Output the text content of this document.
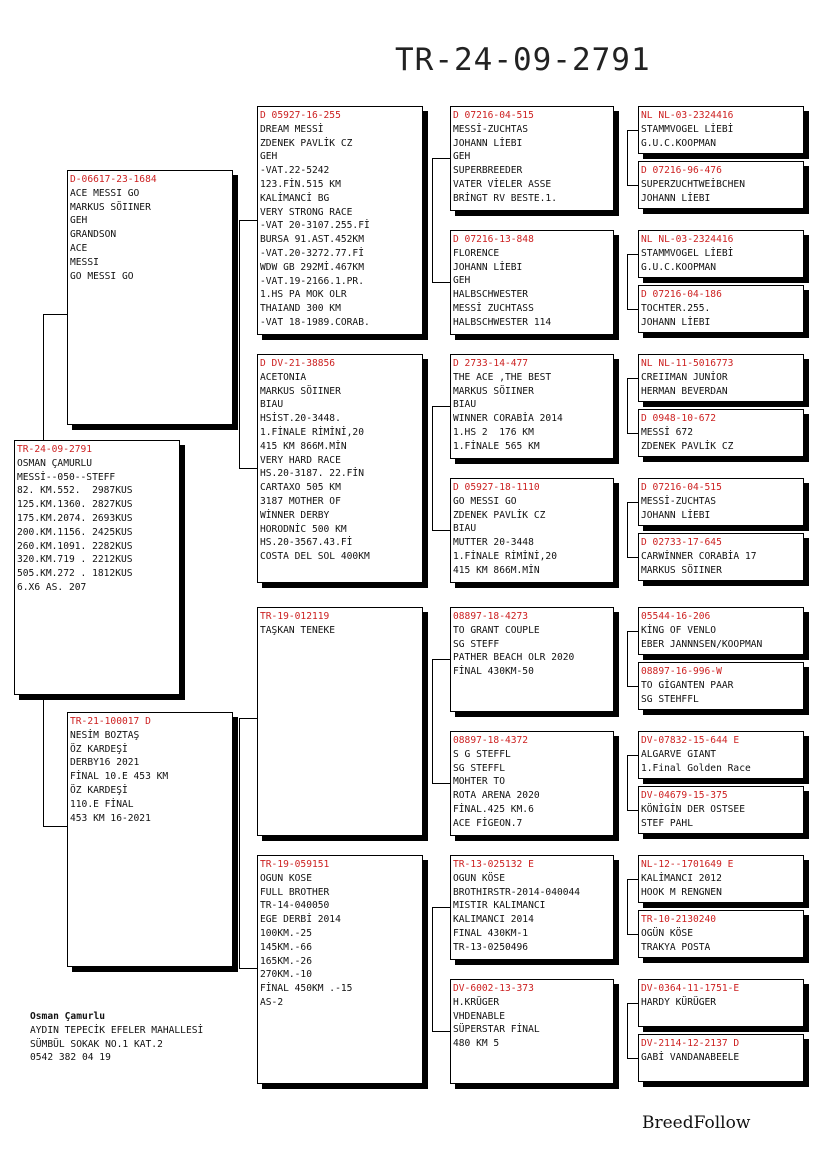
TR-24-09-2791
TR-24-09-2791
OSMAN ÇAMURLU
MESSİ--050--STEFF
82. KM.552.  2987KUS
125.KM.1360. 2827KUS
175.KM.2074. 2693KUS
200.KM.1156. 2425KUS
260.KM.1091. 2282KUS
320.KM.719 . 2212KUS
505.KM.272 . 1812KUS
6.X6 AS. 207
D-06617-23-1684
ACE MESSI GO
MARKUS SÖIINER
GEH
GRANDSON
ACE
MESSI
GO MESSI GO
TR-21-100017 D
NESİM BOZTAŞ
ÖZ KARDEŞİ
DERBY16 2021
FİNAL 10.E 453 KM
ÖZ KARDEŞİ
110.E FİNAL
453 KM 16-2021
D 05927-16-255
DREAM MESSİ
ZDENEK PAVLİK CZ
GEH
-VAT.22-5242
123.FİN.515 KM
KALİMANCİ BG
VERY STRONG RACE
-VAT 20-3107.255.Fİ
BURSA 91.AST.452KM
-VAT.20-3272.77.Fİ
WDW GB 292Mİ.467KM
-VAT.19-2166.1.PR.
1.HS PA MOK OLR
THAIAND 300 KM
-VAT 18-1989.CORAB.
D DV-21-38856
ACETONIA
MARKUS SÖIINER
BIAU
HSİST.20-3448.
1.FİNALE RİMİNİ,20
415 KM 866M.MİN
VERY HARD RACE
HS.20-3187. 22.FİN
CARTAXO 505 KM
3187 MOTHER OF
WİNNER DERBY
HORODNİC 500 KM
HS.20-3567.43.Fİ
COSTA DEL SOL 400KM
TR-19-012119
TAŞKAN TENEKE
TR-19-059151
OGUN KOSE
FULL BROTHER
TR-14-040050
EGE DERBİ 2014
100KM.-25
145KM.-66
165KM.-26
270KM.-10
FİNAL 450KM .-15
AS-2
D 07216-04-515
MESSİ-ZUCHTAS
JOHANN LİEBI
GEH
SUPERBREEDER
VATER VİELER ASSE
BRİNGT RV BESTE.1.
D 07216-13-848
FLORENCE
JOHANN LİEBI
GEH
HALBSCHWESTER
MESSİ ZUCHTASS
HALBSCHWESTER 114
D 2733-14-477
THE ACE ,THE BEST
MARKUS SÖIINER
BIAU
WINNER CORABİA 2014
1.HS 2  176 KM
1.FİNALE 565 KM
D 05927-18-1110
GO MESSI GO
ZDENEK PAVLİK CZ
BIAU
MUTTER 20-3448
1.FİNALE RİMİNİ,20
415 KM 866M.MİN
08897-18-4273
TO GRANT COUPLE
SG STEFF
PATHER BEACH OLR 2020
FİNAL 430KM-50
08897-18-4372
S G STEFFL
SG STEFFL
MOHTER TO
ROTA ARENA 2020
FİNAL.425 KM.6
ACE FİGEON.7
TR-13-025132 E
OGUN KÖSE
BROTHIRSTR-2014-040044
MISTIR KALIMANCI
KALIMANCI 2014
FINAL 430KM-1
TR-13-0250496
DV-6002-13-373
H.KRÜGER
VHDENABLE
SÜPERSTAR FİNAL
480 KM 5
NL NL-03-2324416
STAMMVOGEL LİEBİ
G.U.C.KOOPMAN
D 07216-96-476
SUPERZUCHTWEİBCHEN
JOHANN LİEBI
NL NL-03-2324416
STAMMVOGEL LİEBİ
G.U.C.KOOPMAN
D 07216-04-186
TOCHTER.255.
JOHANN LİEBI
NL NL-11-5016773
CREIIMAN JUNİOR
HERMAN BEVERDAN
D 0948-10-672
MESSİ 672
ZDENEK PAVLİK CZ
D 07216-04-515
MESSİ-ZUCHTAS
JOHANN LİEBI
D 02733-17-645
CARWİNNER CORABİA 17
MARKUS SÖIINER
05544-16-206
KİNG OF VENLO
EBER JANNNSEN/KOOPMAN
08897-16-996-W
TO GİGANTEN PAAR
SG STEHFFL
DV-07832-15-644 E
ALGARVE GIANT
1.Final Golden Race
DV-04679-15-375
KÖNİGİN DER OSTSEE
STEF PAHL
NL-12--1701649 E
KALİMANCI 2012
HOOK M RENGNEN
TR-10-2130240
OGÜN KÖSE
TRAKYA POSTA
DV-0364-11-1751-E
HARDY KÜRÜGER
DV-2114-12-2137 D
GABİ VANDANABEELE
Osman Çamurlu
AYDIN TEPECİK EFELER MAHALLESİ
SÜMBÜL SOKAK NO.1 KAT.2
0542 382 04 19
BreedFollow
